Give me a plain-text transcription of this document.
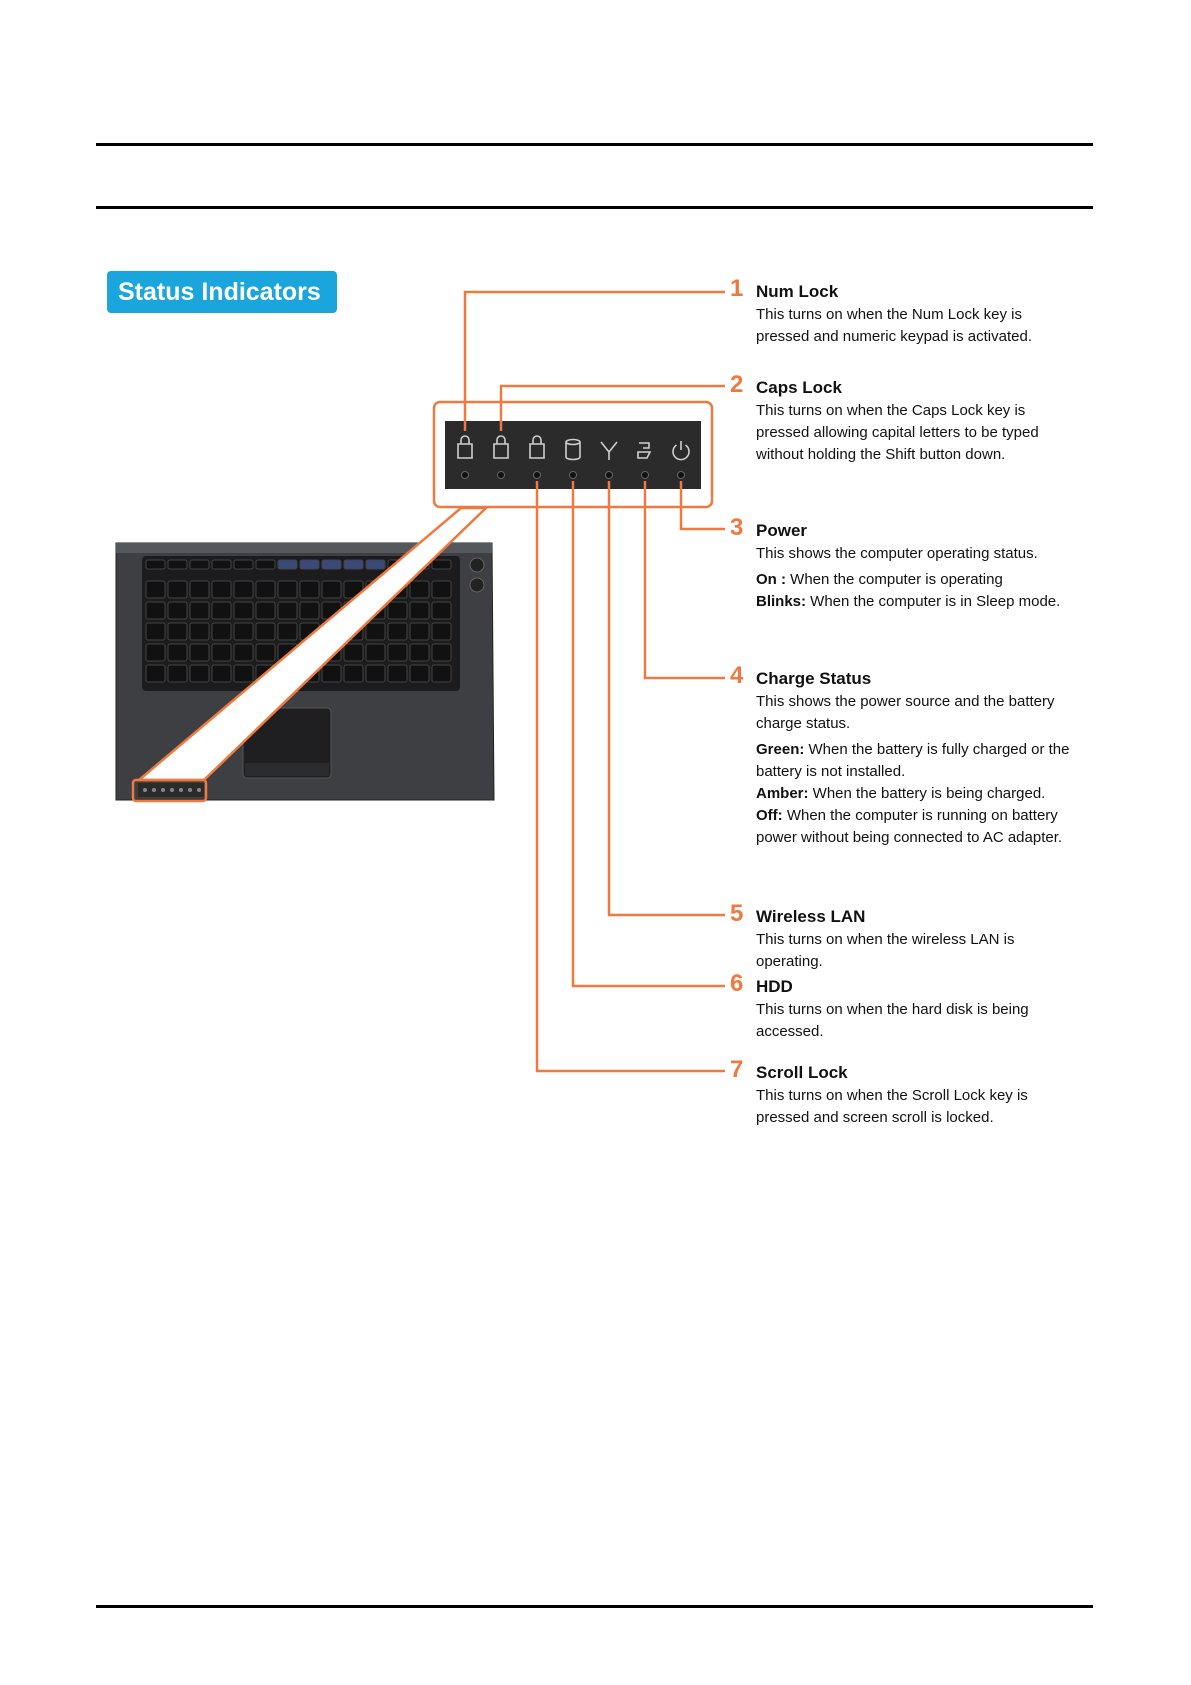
Status Indicators	1 Num Lock
This turns on when the Num Lock key is pressed and numeric keypad is activated.
2 Caps Lock
This turns on when the Caps Lock key is pressed allowing capital letters to be typed without holding the Shift button down.
3 Power
This shows the computer operating status.
On : When the computer is operating
Blinks: When the computer is in Sleep mode.
4 Charge Status
This shows the power source and the battery charge status.
Green: When the battery is fully charged or the battery is not installed.
Amber: When the battery is being charged.
Off: When the computer is running on battery power without being connected to AC adapter.
5 Wireless LAN
This turns on when the wireless LAN is operating.
6 HDD
This turns on when the hard disk is being accessed.
7 Scroll Lock
This turns on when the Scroll Lock key is pressed and screen scroll is locked.
